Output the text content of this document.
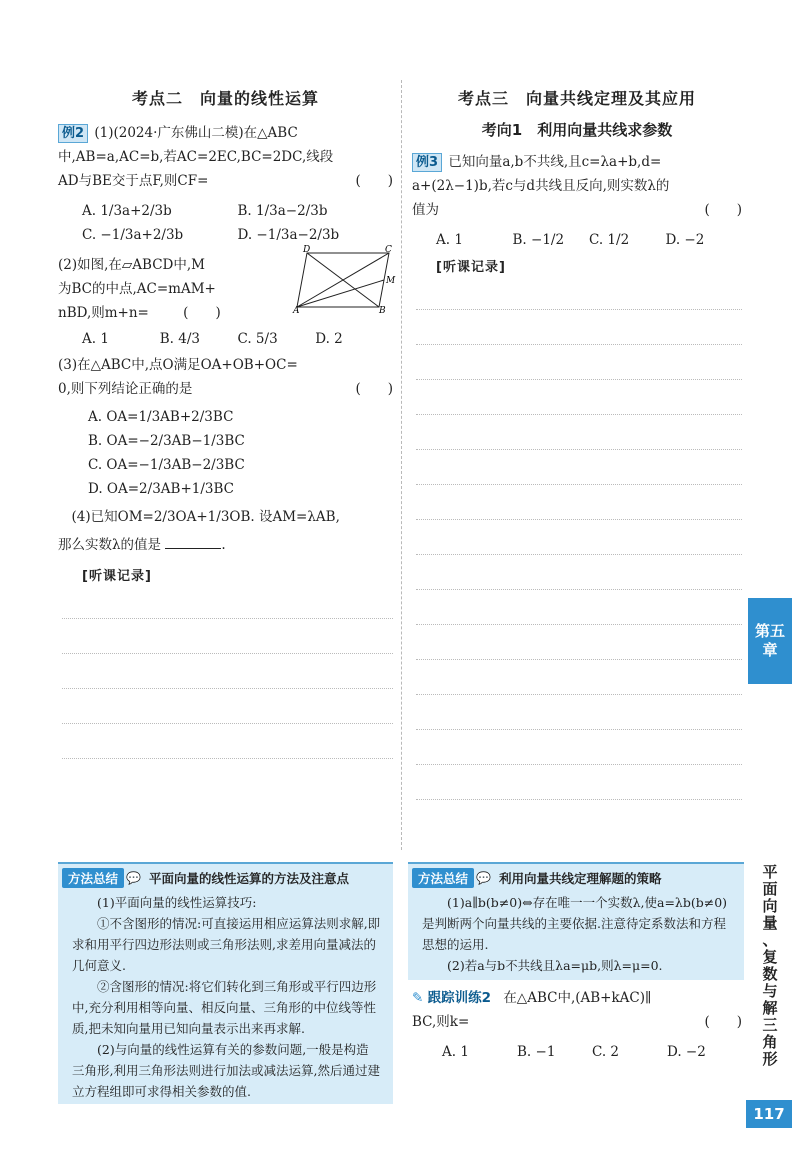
考点二　向量的线性运算

例2 (1)(2024·广东佛山二模)在△ABC
中,AB=a,AC=b,若AC=2EC,BC=2DC,线段
AD与BE交于点F,则CF=	(　　)

A. 1/3a+2/3b	B. 1/3a−2/3b
C. −1/3a+2/3b	D. −1/3a−2/3b
D	C
M
A	B

(2)如图,在▱ABCD中,M
为BC的中点,AC=mAM+
nBD,则m+n=	(　　)

A. 1	B. 4/3	C. 5/3	D. 2

(3)在△ABC中,点O满足OA+OB+OC=
0,则下列结论正确的是	(　　)

A. OA=1/3AB+2/3BC
B. OA=−2/3AB−1/3BC
C. OA=−1/3AB−2/3BC
D. OA=2/3AB+1/3BC

(4)已知OM=2/3OA+1/3OB. 设AM=λAB,

那么实数λ的值是	.

[听课记录]
考点三　向量共线定理及其应用
考向1　利用向量共线求参数

例3 已知向量a,b不共线,且c=λa+b,d=
a+(2λ−1)b,若c与d共线且反向,则实数λ的
值为	(　　)

A. 1	B. −1/2	C. 1/2	D. −2
[听课记录]
方法总结 💬 平面向量的线性运算的方法及注意点

(1)平面向量的线性运算技巧:

①不含图形的情况:可直接运用相应运算法则求解,即求和用平行四边形法则或三角形法则,求差用向量减法的几何意义.

②含图形的情况:将它们转化到三角形或平行四边形中,充分利用相等向量、相反向量、三角形的中位线等性质,把未知向量用已知向量表示出来再求解.

(2)与向量的线性运算有关的参数问题,一般是构造三角形,利用三角形法则进行加法或减法运算,然后通过建立方程组即可求得相关参数的值.

方法总结 💬 利用向量共线定理解题的策略

(1)a∥b(b≠0)⇔存在唯一一个实数λ,使a=λb(b≠0)是判断两个向量共线的主要依据.注意待定系数法和方程思想的运用.

(2)若a与b不共线且λa=μb,则λ=μ=0.

✎ 跟踪训练2 在△ABC中,(AB+kAC)∥
BC,则k=	(　　)
A. 1	B. −1	C. 2	D. −2
第五
章
平
面
向
量
、
复
数
与
解
三
角
形
117
